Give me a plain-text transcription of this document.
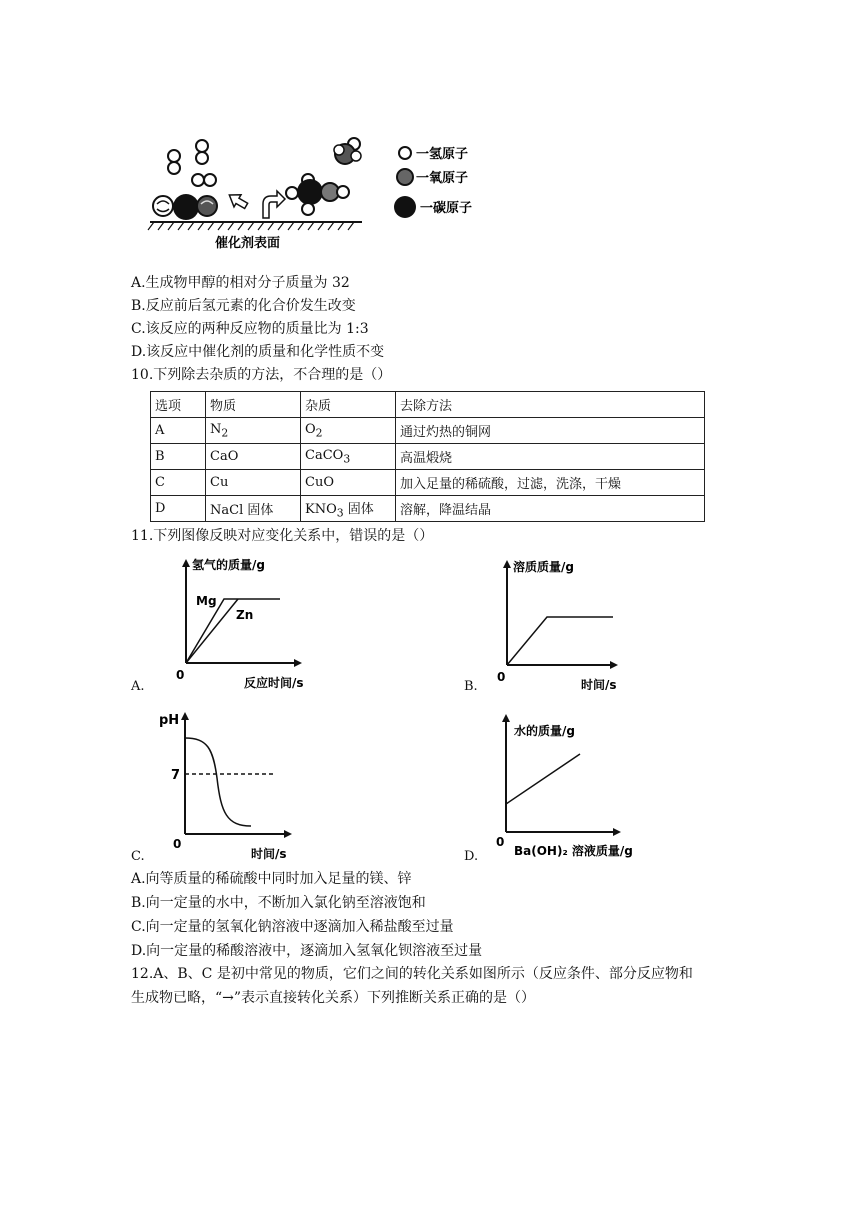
催化剂表面
一氢原子
一氧原子
一碳原子
A.生成物甲醇的相对分子质量为 32
B.反应前后氢元素的化合价发生改变
C.该反应的两种反应物的质量比为 1:3
D.该反应中催化剂的质量和化学性质不变
10.下列除去杂质的方法，不合理的是（）
选项	物质	杂质	去除方法
A	$N_2$	$O_2$	通过灼热的铜网
B	CaO	CaCO$_3$	高温煅烧
C	Cu	CuO	加入足量的稀硫酸，过滤，洗涤，干燥
D	NaCl 固体	$KNO_3$ 固体	溶解，降温结晶
11.下列图像反映对应变化关系中，错误的是（）
A.
氢气的质量/g
Mg
Zn
0
反应时间/s	B.
溶质质量/g
0
时间/s
C.
pH
7
0
时间/s	D.
水的质量/g
0
Ba(OH)₂ 溶液质量/g
A.向等质量的稀硫酸中同时加入足量的镁、锌
B.向一定量的水中，不断加入氯化钠至溶液饱和
C.向一定量的氢氧化钠溶液中逐滴加入稀盐酸至过量
D.向一定量的稀酸溶液中，逐滴加入氢氧化钡溶液至过量
12.A、B、C 是初中常见的物质，它们之间的转化关系如图所示（反应条件、部分反应物和
生成物已略，“→”表示直接转化关系）下列推断关系正确的是（）
